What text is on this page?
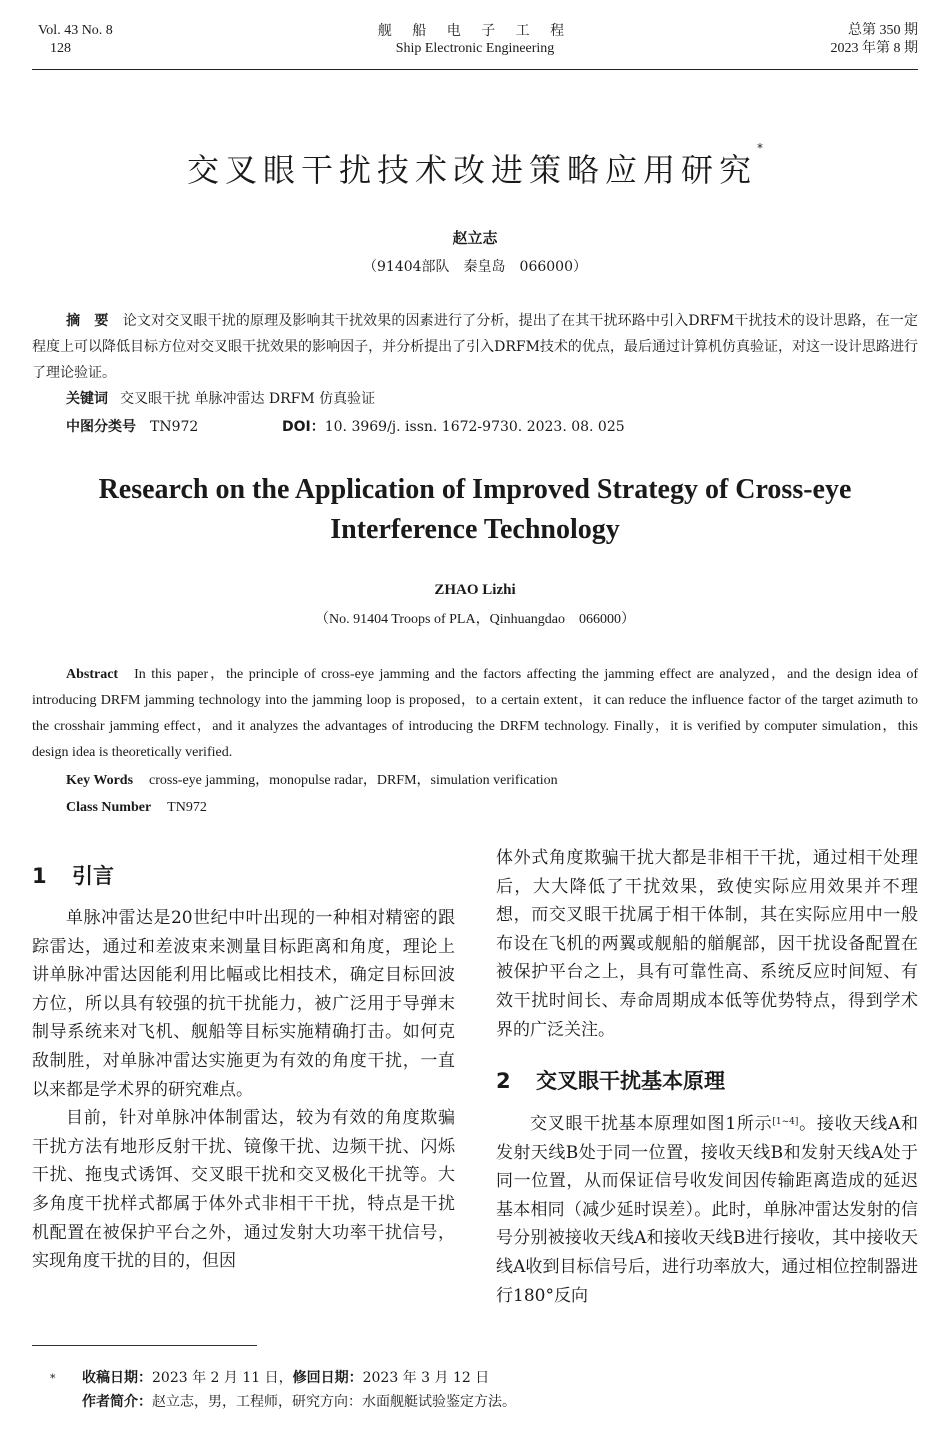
Vol. 43 No. 8
128
舰 船 电 子 工 程
Ship Electronic Engineering
总第 350 期
2023 年第 8 期
交叉眼干扰技术改进策略应用研究*
赵立志
（91404部队　秦皇岛　066000）
摘　要 论文对交叉眼干扰的原理及影响其干扰效果的因素进行了分析，提出了在其干扰环路中引入DRFM干扰技术的设计思路，在一定程度上可以降低目标方位对交叉眼干扰效果的影响因子，并分析提出了引入DRFM技术的优点，最后通过计算机仿真验证，对这一设计思路进行了理论验证。
关键词 交叉眼干扰 单脉冲雷达 DRFM 仿真验证
中图分类号 TN972	DOI：10. 3969/j. issn. 1672-9730. 2023. 08. 025
Research on the Application of Improved Strategy of Cross-eye Interference Technology
ZHAO Lizhi
（No. 91404 Troops of PLA，Qinhuangdao　066000）

Abstract In this paper，the principle of cross-eye jamming and the factors affecting the jamming effect are analyzed，and the design idea of introducing DRFM jamming technology into the jamming loop is proposed，to a certain extent，it can reduce the influence factor of the target azimuth to the crosshair jamming effect，and it analyzes the advantages of introducing the DRFM technology. Finally，it is verified by computer simulation，this design idea is theoretically verified.

Key Words cross-eye jamming，monopulse radar，DRFM，simulation verification
Class Number TN972
1 引言

单脉冲雷达是20世纪中叶出现的一种相对精密的跟踪雷达，通过和差波束来测量目标距离和角度，理论上讲单脉冲雷达因能利用比幅或比相技术，确定目标回波方位，所以具有较强的抗干扰能力，被广泛用于导弹末制导系统来对飞机、舰船等目标实施精确打击。如何克敌制胜，对单脉冲雷达实施更为有效的角度干扰，一直以来都是学术界的研究难点。

目前，针对单脉冲体制雷达，较为有效的角度欺骗干扰方法有地形反射干扰、镜像干扰、边频干扰、闪烁干扰、拖曳式诱饵、交叉眼干扰和交叉极化干扰等。大多角度干扰样式都属于体外式非相干干扰，特点是干扰机配置在被保护平台之外，通过发射大功率干扰信号，实现角度干扰的目的，但因

体外式角度欺骗干扰大都是非相干干扰，通过相干处理后，大大降低了干扰效果，致使实际应用效果并不理想，而交叉眼干扰属于相干体制，其在实际应用中一般布设在飞机的两翼或舰船的艏艉部，因干扰设备配置在被保护平台之上，具有可靠性高、系统反应时间短、有效干扰时间长、寿命周期成本低等优势特点，得到学术界的广泛关注。

2 交叉眼干扰基本原理

交叉眼干扰基本原理如图1所示[1~4]。接收天线A和发射天线B处于同一位置，接收天线B和发射天线A处于同一位置，从而保证信号收发间因传输距离造成的延迟基本相同（减少延时误差）。此时，单脉冲雷达发射的信号分别被接收天线A和接收天线B进行接收，其中接收天线A收到目标信号后，进行功率放大，通过相位控制器进行180°反向

* 收稿日期：2023 年 2 月 11 日，修回日期：2023 年 3 月 12 日
作者简介：赵立志，男，工程师，研究方向：水面舰艇试验鉴定方法。
